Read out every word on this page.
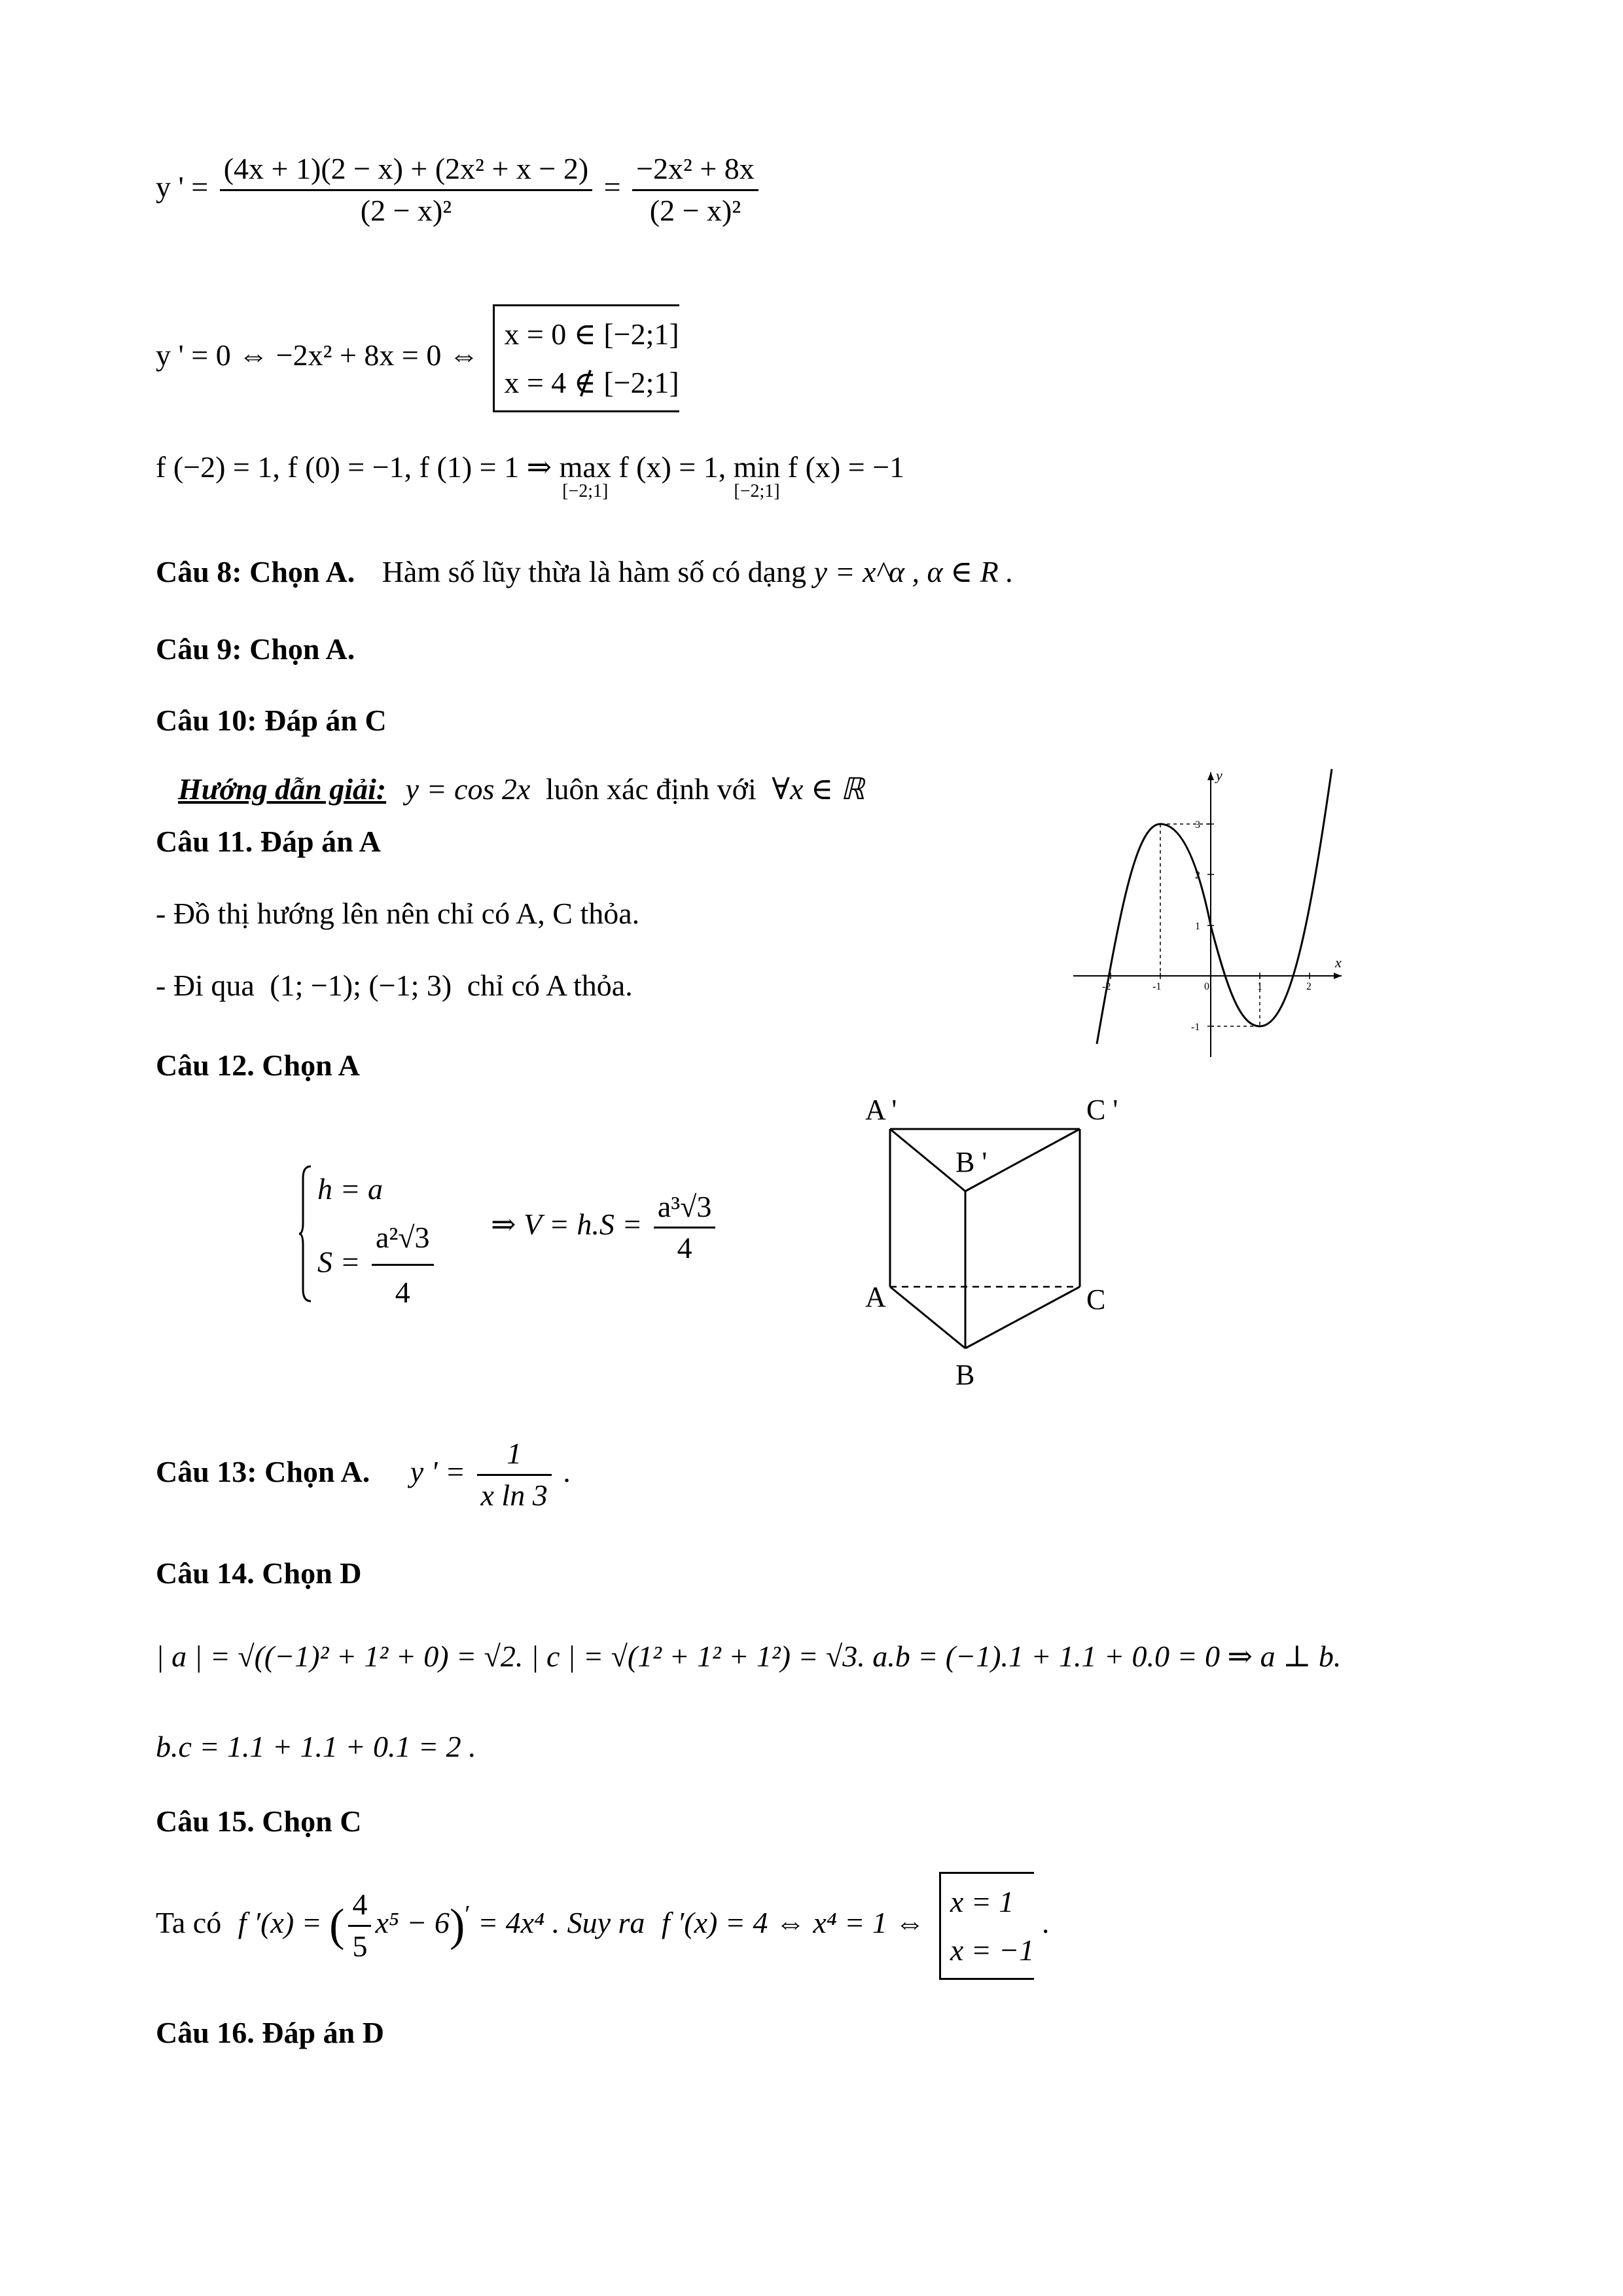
y ' = $\frac{\text{(4x + 1)(2 − x) + (2x² + x − 2)}}{\text{(2 − x)²}} = \frac{\text{−2x² + 8x}}{\text{(2 − x)²}}$
y ' = 0 ⇔ −2x² + 8x = 0 ⇔
x = 0 ∈ [−2;1]
x = 4 ∉ [−2;1]
f (−2) = 1, f (0) = −1, f (1) = 1 ⇒ max
[−2;1]
f (x) = 1, min
[−2;1]
f (x) = −1
Câu 8: Chọn A. Hàm số lũy thừa là hàm số có dạng y = x^α , α ∈ R .
Câu 9: Chọn A.
Câu 10: Đáp án C
Hướng dẫn giải: y = cos 2x luôn xác định với ∀x ∈ ℝ
Câu 11. Đáp án A
- Đồ thị hướng lên nên chỉ có A, C thỏa.
- Đi qua (1; −1); (−1; 3) chỉ có A thỏa.
x
y
-2	-1	0	1	2
3
2
1
-1
Câu 12. Chọn A
h = a
$S = \frac{\text{a²√3}}{4}$ ⇒ $V = h.S = \frac{\text{a³√3}}{4}$
A '	C '
B '
A	C
B
Câu 13: Chọn A. y ' = $\frac{1}{\text{x ln 3}}$ .
Câu 14. Chọn D
| a | = √((−1)² + 1² + 0) = √2. | c | = √(1² + 1² + 1²) = √3. a.b = (−1).1 + 1.1 + 0.0 = 0 ⇒ a ⊥ b.
b.c = 1.1 + 1.1 + 0.1 = 2 .
Câu 15. Chọn C
Ta có f ′(x) = ( $\frac{4}{5} x^5 - 6)' = 4x^4$ . Suy ra f ′(x) = 4 ⇔ x⁴ = 1 ⇔
x = 1
x = −1
.
Câu 16. Đáp án D
